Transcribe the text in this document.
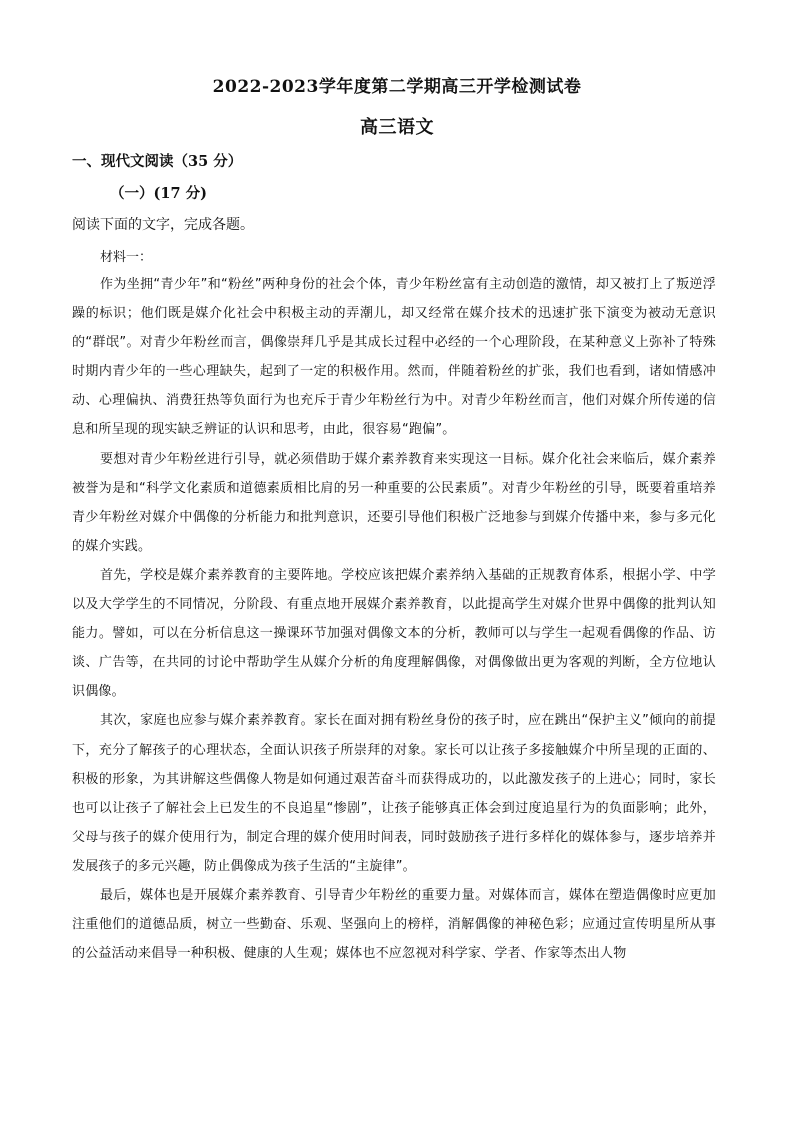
2022-2023学年度第二学期高三开学检测试卷
高三语文
一、现代文阅读（35 分）
（一）(17 分)
阅读下面的文字，完成各题。
材料一：

作为坐拥“青少年”和“粉丝”两种身份的社会个体，青少年粉丝富有主动创造的激情，却又被打上了叛逆浮躁的标识；他们既是媒介化社会中积极主动的弄潮儿，却又经常在媒介技术的迅速扩张下演变为被动无意识的“群氓”。对青少年粉丝而言，偶像崇拜几乎是其成长过程中必经的一个心理阶段，在某种意义上弥补了特殊时期内青少年的一些心理缺失，起到了一定的积极作用。然而，伴随着粉丝的扩张，我们也看到，诸如情感冲动、心理偏执、消费狂热等负面行为也充斥于青少年粉丝行为中。对青少年粉丝而言，他们对媒介所传递的信息和所呈现的现实缺乏辨证的认识和思考，由此，很容易“跑偏”。

要想对青少年粉丝进行引导，就必须借助于媒介素养教育来实现这一目标。媒介化社会来临后，媒介素养被誉为是和“科学文化素质和道德素质相比肩的另一种重要的公民素质”。对青少年粉丝的引导，既要着重培养青少年粉丝对媒介中偶像的分析能力和批判意识，还要引导他们积极广泛地参与到媒介传播中来，参与多元化的媒介实践。

首先，学校是媒介素养教育的主要阵地。学校应该把媒介素养纳入基础的正规教育体系，根据小学、中学以及大学学生的不同情况，分阶段、有重点地开展媒介素养教育，以此提高学生对媒介世界中偶像的批判认知能力。譬如，可以在分析信息这一操课环节加强对偶像文本的分析，教师可以与学生一起观看偶像的作品、访谈、广告等，在共同的讨论中帮助学生从媒介分析的角度理解偶像，对偶像做出更为客观的判断，全方位地认识偶像。

其次，家庭也应参与媒介素养教育。家长在面对拥有粉丝身份的孩子时，应在跳出“保护主义”倾向的前提下，充分了解孩子的心理状态，全面认识孩子所崇拜的对象。家长可以让孩子多接触媒介中所呈现的正面的、积极的形象，为其讲解这些偶像人物是如何通过艰苦奋斗而获得成功的，以此激发孩子的上进心；同时，家长也可以让孩子了解社会上已发生的不良追星“惨剧”，让孩子能够真正体会到过度追星行为的负面影响；此外，父母与孩子的媒介使用行为，制定合理的媒介使用时间表，同时鼓励孩子进行多样化的媒体参与，逐步培养并发展孩子的多元兴趣，防止偶像成为孩子生活的“主旋律”。

最后，媒体也是开展媒介素养教育、引导青少年粉丝的重要力量。对媒体而言，媒体在塑造偶像时应更加注重他们的道德品质，树立一些勤奋、乐观、坚强向上的榜样，消解偶像的神秘色彩；应通过宣传明星所从事的公益活动来倡导一种积极、健康的人生观；媒体也不应忽视对科学家、学者、作家等杰出人物
